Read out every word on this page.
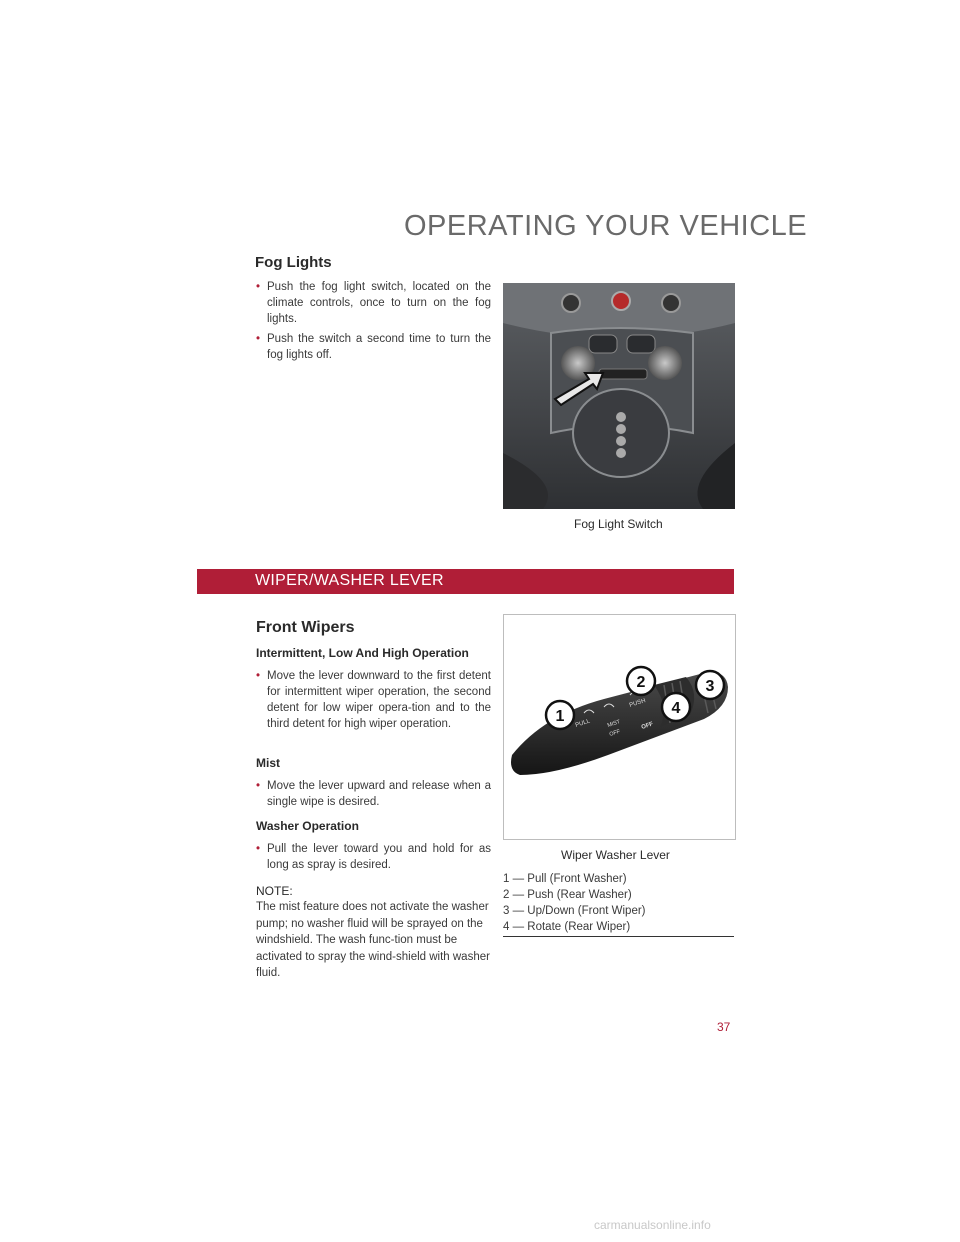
OPERATING YOUR VEHICLE
Fog Lights
• Push the fog light switch, located on the climate controls, once to turn on the fog lights.
• Push the switch a second time to turn the fog lights off.
Fog Light Switch
WIPER/WASHER LEVER
Front Wipers
Intermittent, Low And High Operation
• Move the lever downward to the first detent for intermittent wiper operation, the second detent for low wiper opera-tion and to the third detent for high wiper operation.
Mist
• Move the lever upward and release when a single wipe is desired.
Washer Operation
• Pull the lever toward you and hold for as long as spray is desired.
NOTE:
The mist feature does not activate the washer pump; no washer fluid will be sprayed on the windshield. The wash func-tion must be activated to spray the wind-shield with washer fluid.
PULL
PUSH
MIST
OFF
OFF
1
2	3
4
Wiper Washer Lever
1 — Pull (Front Washer)
2 — Push (Rear Washer)
3 — Up/Down (Front Wiper)
4 — Rotate (Rear Wiper)
37
carmanualsonline.info
